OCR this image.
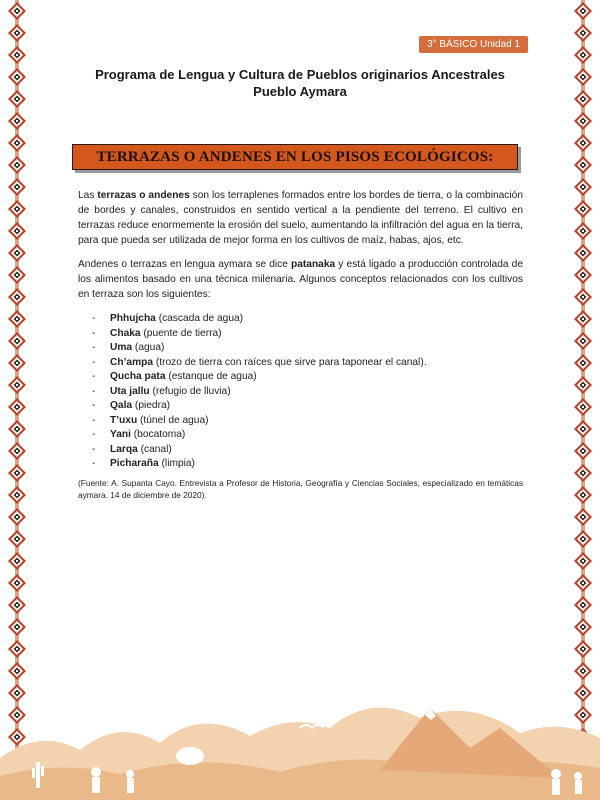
3° BÁSICO Unidad 1
Programa de Lengua y Cultura de Pueblos originarios Ancestrales
Pueblo Aymara
TERRAZAS O ANDENES EN LOS PISOS ECOLÓGICOS:

Las terrazas o andenes son los terraplenes formados entre los bordes de tierra, o la combinación de bordes y canales, construidos en sentido vertical a la pendiente del terreno. El cultivo en terrazas reduce enormemente la erosión del suelo, aumentando la infiltración del agua en la tierra, para que pueda ser utilizada de mejor forma en los cultivos de maíz, habas, ajos, etc.

Andenes o terrazas en lengua aymara se dice patanaka y está ligado a producción controlada de los alimentos basado en una técnica milenaria. Algunos conceptos relacionados con los cultivos en terraza son los siguientes:

- Phhujcha (cascada de agua)
- Chaka (puente de tierra)
- Uma (agua)
- Ch’ampa (trozo de tierra con raíces que sirve para taponear el canal).
- Qucha pata (estanque de agua)
- Uta jallu (refugio de lluvia)
- Qala (piedra)
- T’uxu (túnel de agua)
- Yani (bocatoma)
- Larqa (canal)
- Picharaña (limpia)
(Fuente: A. Supanta Cayo. Entrevista a Profesor de Historia, Geografía y Ciencias Sociales, especializado en temáticas aymara. 14 de diciembre de 2020).
